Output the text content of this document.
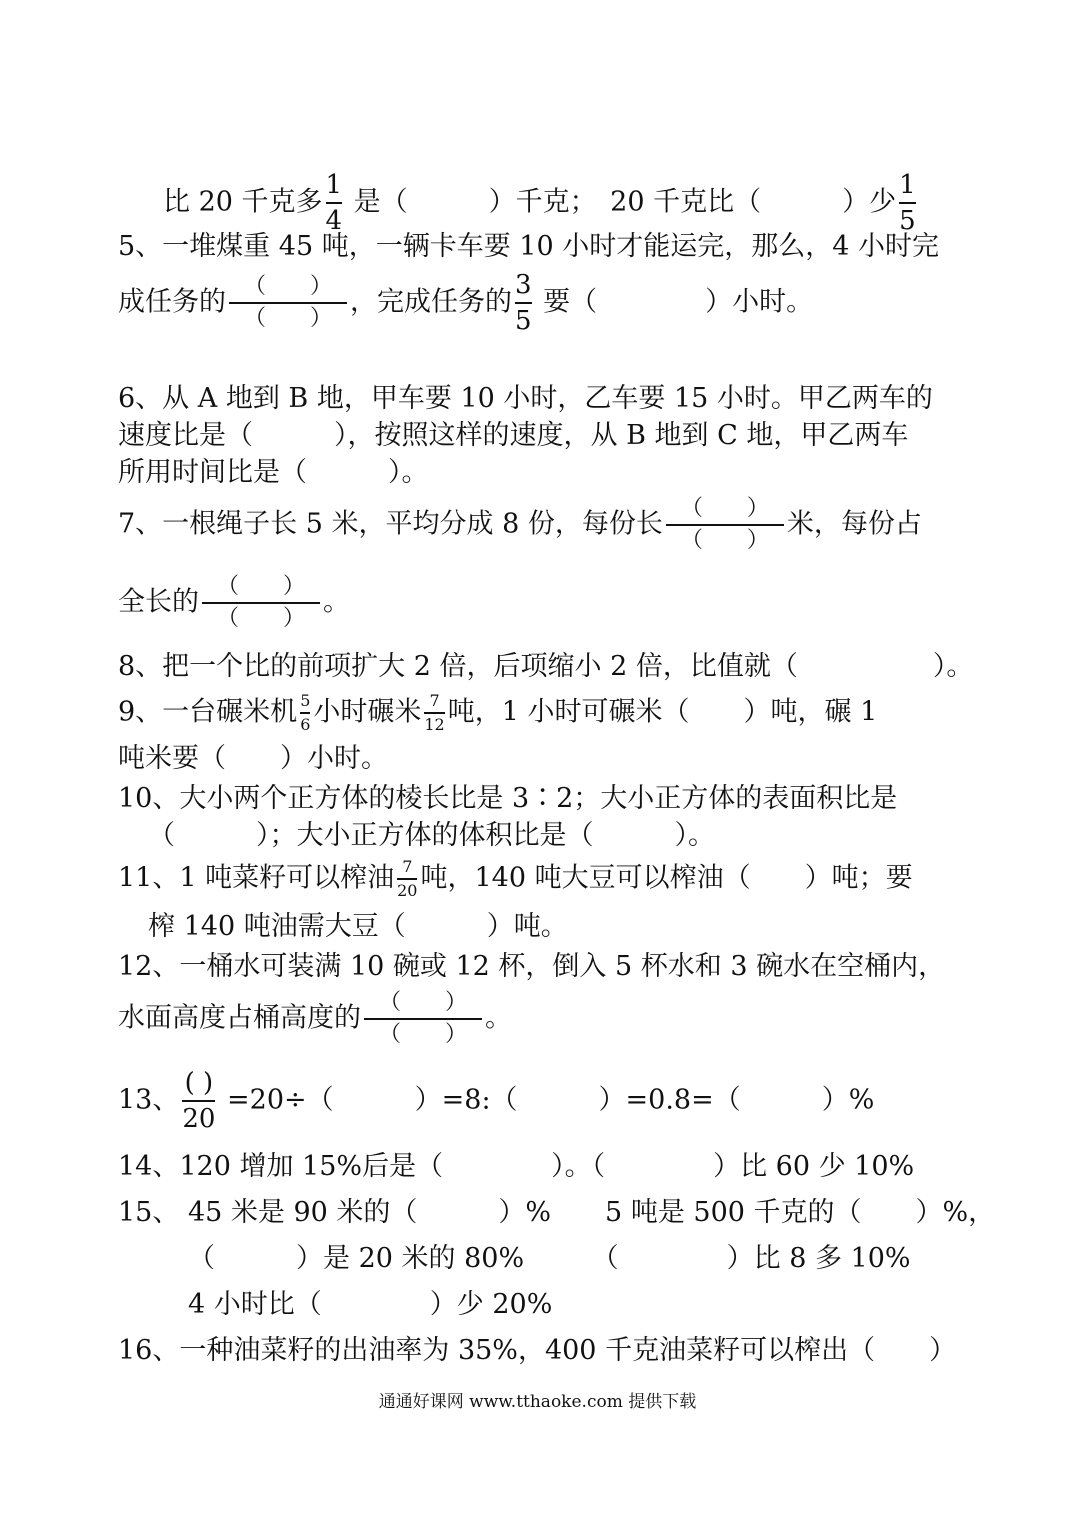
比 20 千克多 $\frac{1}{4}$ 是（　　　）千克；　20 千克比（　　　）少 $\frac{1}{5}$
5、一堆煤重 45 吨，一辆卡车要 10 小时才能运完，那么，4 小时完
成任务的 $\frac{( )}{( )}$ ，完成任务的 $\frac{3}{5}$ 要（　　　　）小时。
6、从 A 地到 B 地，甲车要 10 小时，乙车要 15 小时。甲乙两车的
速度比是（　　　），按照这样的速度，从 B 地到 C 地，甲乙两车
所用时间比是（　　　）。
7、一根绳子长 5 米，平均分成 8 份，每份长 $\frac{( )}{( )}$ 米，每份占
全长的 $\frac{( )}{( )}$ 。
8、把一个比的前项扩大 2 倍，后项缩小 2 倍，比值就（　　　　　）。
9、一台碾米机 $\frac{5}{6}$ 小时碾米 $\frac{7}{12}$ 吨，1 小时可碾米（　　）吨，碾 1
吨米要（　　）小时。
10、大小两个正方体的棱长比是 3∶2；大小正方体的表面积比是
（　　　）；大小正方体的体积比是（　　　）。
11、1 吨菜籽可以榨油 $\frac{7}{20}$ 吨，140 吨大豆可以榨油（　　）吨；要
榨 140 吨油需大豆（　　　）吨。
12、一桶水可装满 10 碗或 12 杯，倒入 5 杯水和 3 碗水在空桶内，
水面高度占桶高度的 $\frac{( )}{( )}$ 。
13、 $\frac{( )}{20} =20\div$（　　　）=8:（　　　）=0.8=（　　　）%
14、120 增加 15%后是（　　　　）。（　　　　）比 60 少 10%
15、 45 米是 90 米的（　　　）%　　5 吨是 500 千克的（　　）%，
（　　　）是 20 米的 80%　　　（　　　　）比 8 多 10%
4 小时比（　　　　）少 20%
16、一种油菜籽的出油率为 35%，400 千克油菜籽可以榨出（　　）
通通好课网 www.tthaoke.com 提供下载
